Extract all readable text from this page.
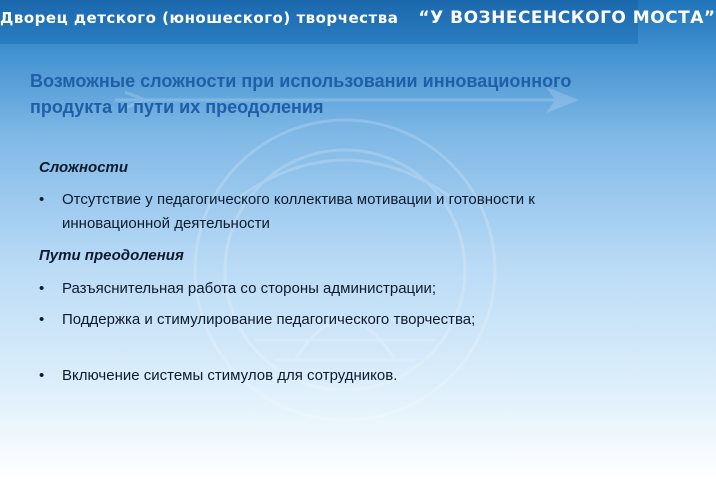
Дворец детского (юношеского) творчества “У ВОЗНЕСЕНСКОГО МОСТА”
Возможные сложности при использовании инновационного продукта и пути их преодоления
Сложности
•	Отсутствие у педагогического коллектива мотивации и готовности к инновационной деятельности
Пути преодоления
•	Разъяснительная работа со стороны администрации;
•	Поддержка и стимулирование педагогического творчества;
•	Включение системы стимулов для сотрудников.
